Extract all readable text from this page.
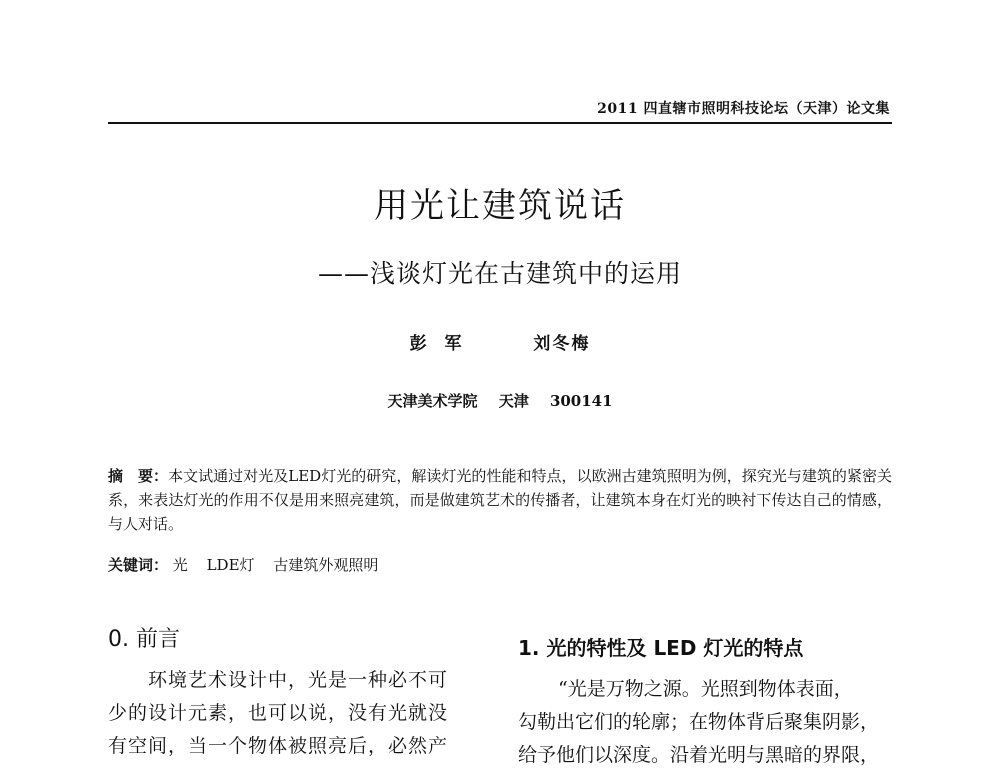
2011 四直辖市照明科技论坛（天津）论文集
用光让建筑说话
——浅谈灯光在古建筑中的运用
彭 军	刘冬梅
天津美术学院 天津 300141
摘　要：本文试通过对光及LED灯光的研究，解读灯光的性能和特点，以欧洲古建筑照明为例，探究光与建筑的紧密关系，来表达灯光的作用不仅是用来照亮建筑，而是做建筑艺术的传播者，让建筑本身在灯光的映衬下传达自己的情感，与人对话。
关键词： 光 LDE灯 古建筑外观照明
0. 前言
环境艺术设计中，光是一种必不可
少的设计元素，也可以说，没有光就没
有空间，当一个物体被照亮后，必然产
1. 光的特性及 LED 灯光的特点
“光是万物之源。光照到物体表面，
勾勒出它们的轮廓；在物体背后聚集阴影，
给予他们以深度。沿着光明与黑暗的界限，
